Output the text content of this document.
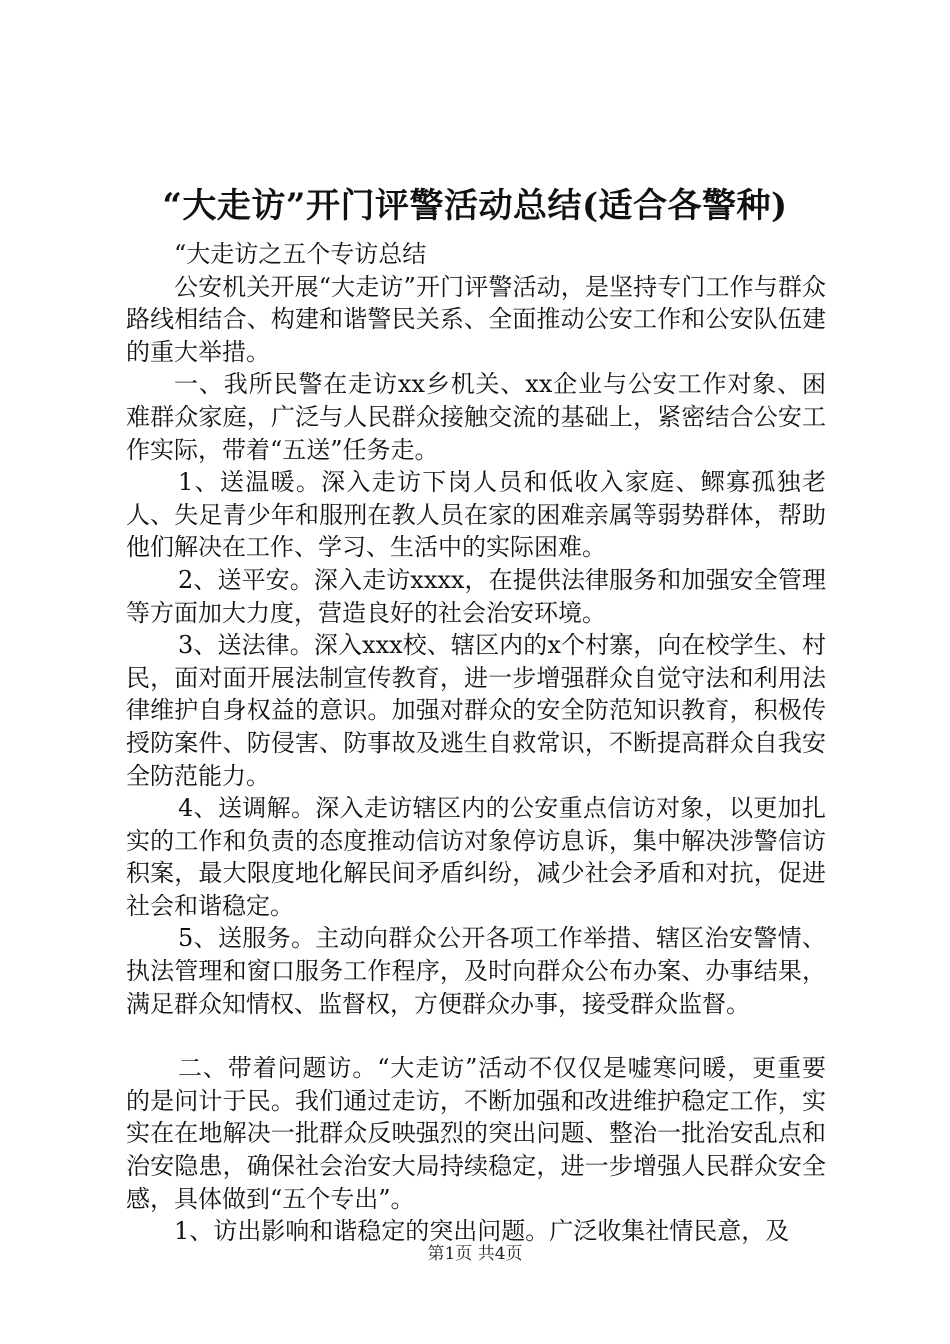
“大走访”开门评警活动总结(适合各警种)

“大走访之五个专访总结

公安机关开展“大走访”开门评警活动，是坚持专门工作与群众路线相结合、构建和谐警民关系、全面推动公安工作和公安队伍建的重大举措。

一、我所民警在走访xx乡机关、xx企业与公安工作对象、困难群众家庭，广泛与人民群众接触交流的基础上，紧密结合公安工作实际，带着“五送”任务走。

1、送温暖。深入走访下岗人员和低收入家庭、鳏寡孤独老人、失足青少年和服刑在教人员在家的困难亲属等弱势群体，帮助他们解决在工作、学习、生活中的实际困难。

2、送平安。深入走访xxxx，在提供法律服务和加强安全管理等方面加大力度，营造良好的社会治安环境。

3、送法律。深入xxx校、辖区内的x个村寨，向在校学生、村民，面对面开展法制宣传教育，进一步增强群众自觉守法和利用法律维护自身权益的意识。加强对群众的安全防范知识教育，积极传授防案件、防侵害、防事故及逃生自救常识，不断提高群众自我安全防范能力。

4、送调解。深入走访辖区内的公安重点信访对象，以更加扎实的工作和负责的态度推动信访对象停访息诉，集中解决涉警信访积案，最大限度地化解民间矛盾纠纷，减少社会矛盾和对抗，促进社会和谐稳定。

5、送服务。主动向群众公开各项工作举措、辖区治安警情、执法管理和窗口服务工作程序，及时向群众公布办案、办事结果，满足群众知情权、监督权，方便群众办事，接受群众监督。

二、带着问题访。“大走访”活动不仅仅是嘘寒问暖，更重要的是问计于民。我们通过走访，不断加强和改进维护稳定工作，实实在在地解决一批群众反映强烈的突出问题、整治一批治安乱点和治安隐患，确保社会治安大局持续稳定，进一步增强人民群众安全感，具体做到“五个专出”。

1、访出影响和谐稳定的突出问题。广泛收集社情民意，及

第1页 共4页
